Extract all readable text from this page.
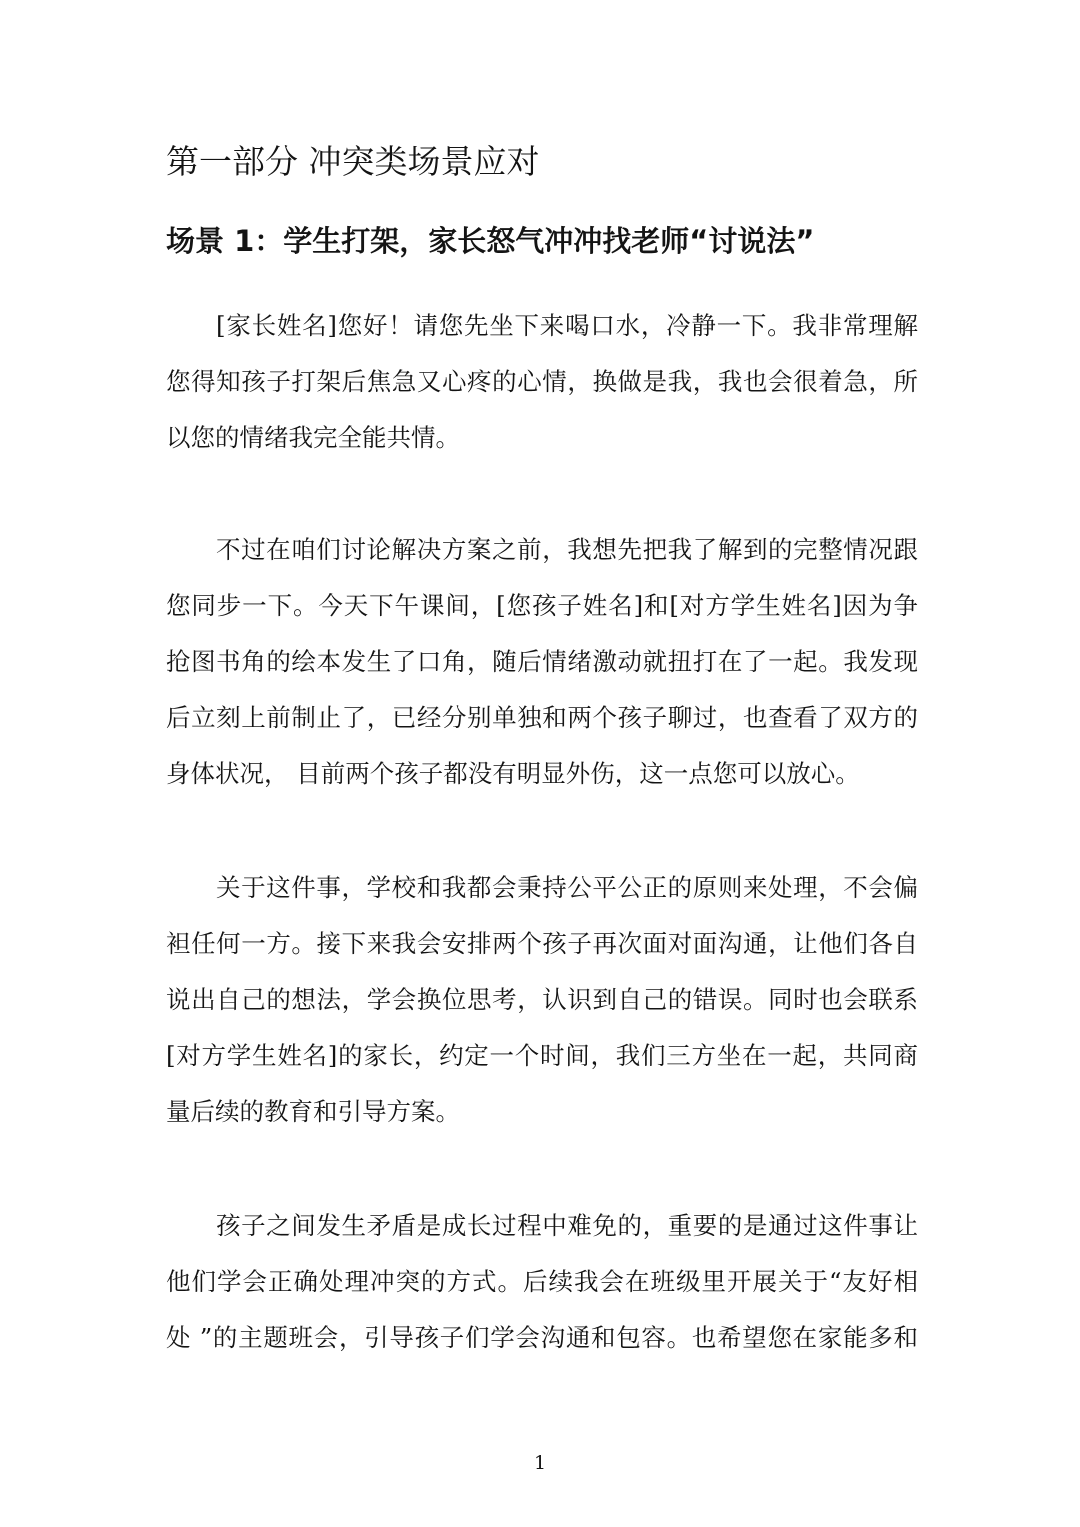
第一部分 冲突类场景应对
场景 1：学生打架，家长怒气冲冲找老师“讨说法”
[家长姓名]您好！请您先坐下来喝口水，冷静一下。我非常理解
您得知孩子打架后焦急又心疼的心情，换做是我，我也会很着急，所
以您的情绪我完全能共情。
不过在咱们讨论解决方案之前，我想先把我了解到的完整情况跟
您同步一下。今天下午课间，[您孩子姓名]和[对方学生姓名]因为争
抢图书角的绘本发生了口角，随后情绪激动就扭打在了一起。我发现
后立刻上前制止了，已经分别单独和两个孩子聊过，也查看了双方的
身体状况， 目前两个孩子都没有明显外伤，这一点您可以放心。
关于这件事，学校和我都会秉持公平公正的原则来处理，不会偏
袒任何一方。接下来我会安排两个孩子再次面对面沟通，让他们各自
说出自己的想法，学会换位思考，认识到自己的错误。同时也会联系
[对方学生姓名]的家长，约定一个时间，我们三方坐在一起，共同商
量后续的教育和引导方案。
孩子之间发生矛盾是成长过程中难免的，重要的是通过这件事让
他们学会正确处理冲突的方式。后续我会在班级里开展关于“友好相
处 ”的主题班会，引导孩子们学会沟通和包容。也希望您在家能多和
1
